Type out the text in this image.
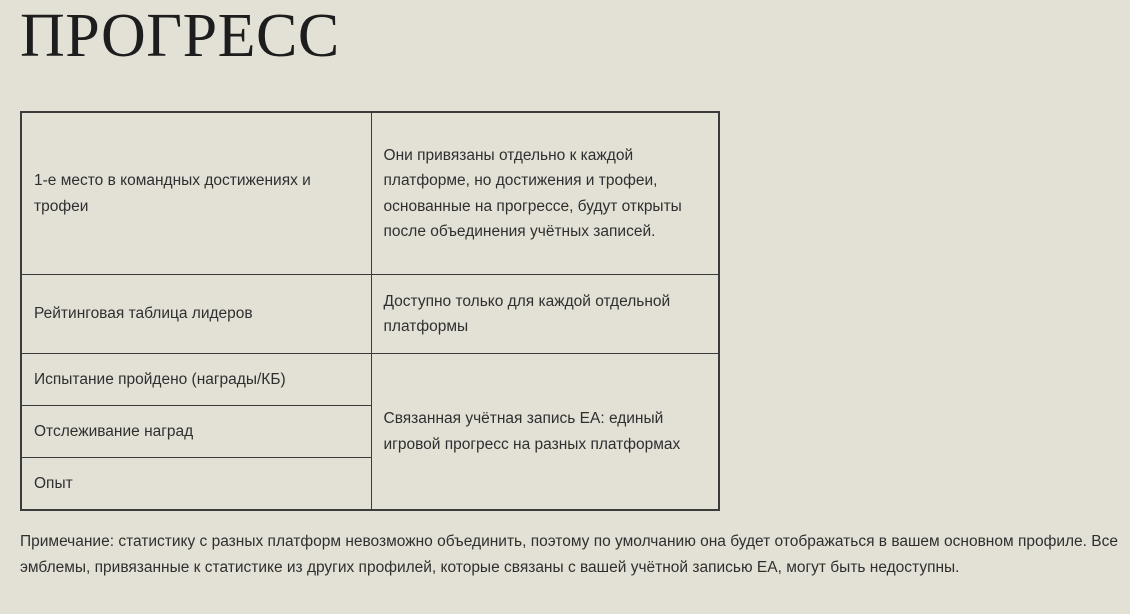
ПРОГРЕСС
1-е место в командных достижениях и трофеи	Они привязаны отдельно к каждой платформе, но достижения и трофеи, основанные на прогрессе, будут открыты после объединения учётных записей.
Рейтинговая таблица лидеров	Доступно только для каждой отдельной платформы
Испытание пройдено (награды/КБ)	Связанная учётная запись EA: единый игровой прогресс на разных платформах
Отслеживание наград	
Опыт	

Примечание: статистику с разных платформ невозможно объединить, поэтому по умолчанию она будет отображаться в вашем основном профиле. Все эмблемы, привязанные к статистике из других профилей, которые связаны с вашей учётной записью EA, могут быть недоступны.
